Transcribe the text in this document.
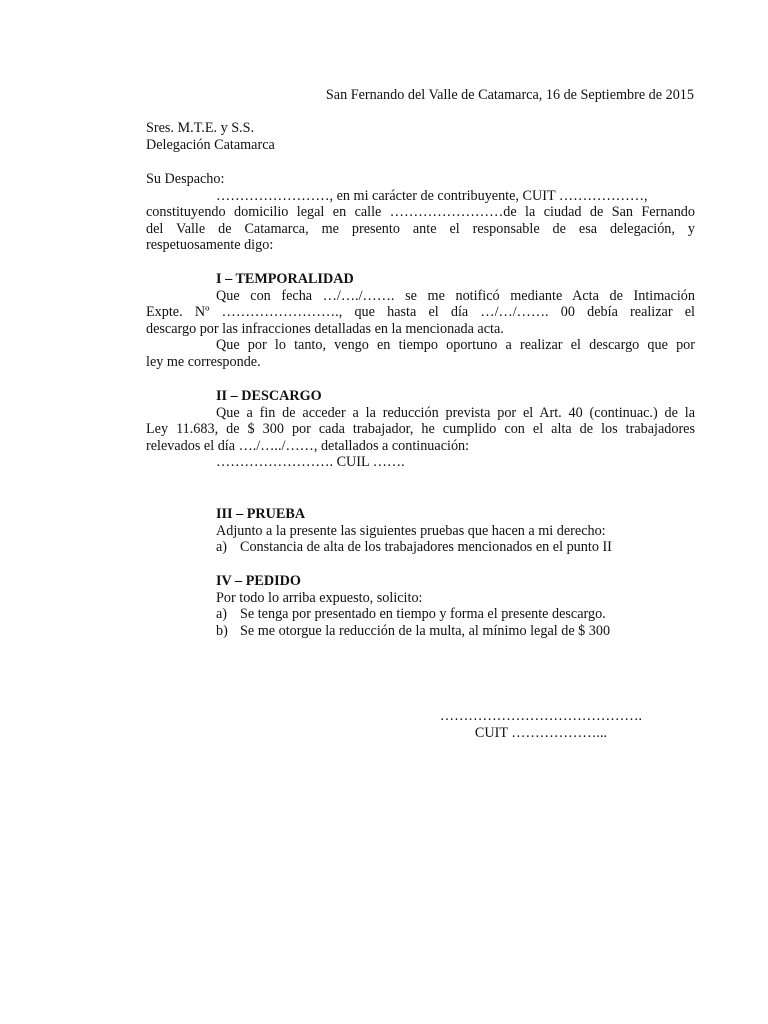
San Fernando del Valle de Catamarca, 16 de Septiembre de 2015
Sres. M.T.E. y S.S.
Delegación Catamarca
Su Despacho:
……………………, en mi carácter de contribuyente, CUIT ………………,
constituyendo domicilio legal en calle ……………………de la ciudad de San Fernando
del Valle de Catamarca, me presento ante el responsable de esa delegación, y
respetuosamente digo:
I – TEMPORALIDAD
Que con fecha …/…./……. se me notificó mediante Acta de Intimación
Expte. Nº ……………………., que hasta el día …/…/……. 00 debía realizar el
descargo por las infracciones detalladas en la mencionada acta.
Que por lo tanto, vengo en tiempo oportuno a realizar el descargo que por
ley me corresponde.
II – DESCARGO
Que a fin de acceder a la reducción prevista por el Art. 40 (continuac.) de la
Ley 11.683, de $ 300 por cada trabajador, he cumplido con el alta de los trabajadores
relevados el día …./…../……, detallados a continuación:
……………………. CUIL …….
III – PRUEBA
Adjunto a la presente las siguientes pruebas que hacen a mi derecho:
a) Constancia de alta de los trabajadores mencionados en el punto II
IV – PEDIDO
Por todo lo arriba expuesto, solicito:
a) Se tenga por presentado en tiempo y forma el presente descargo.
b) Se me otorgue la reducción de la multa, al mínimo legal de $ 300
…………………………………….
CUIT ………………...
